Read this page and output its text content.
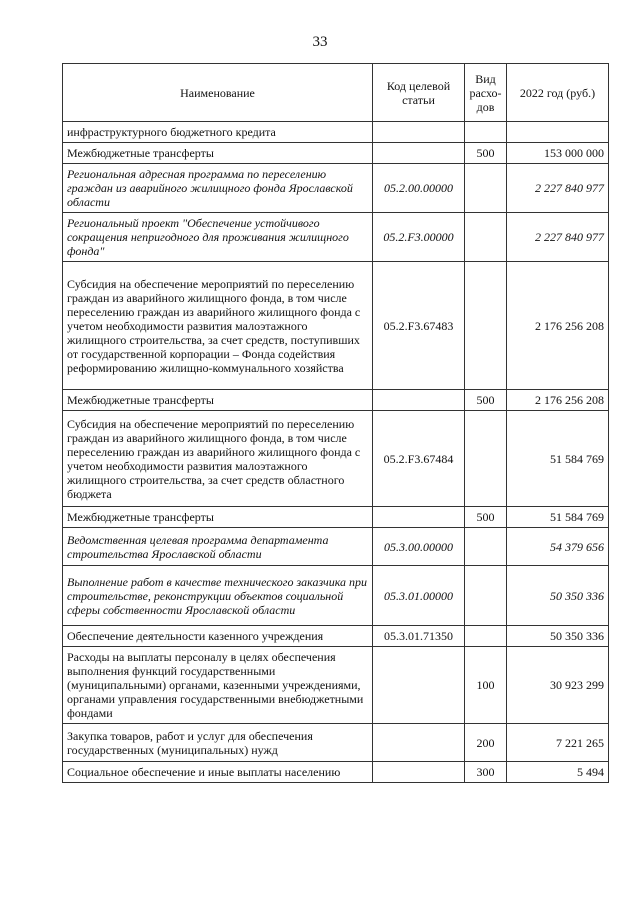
33
Наименование	Код целевой статьи	Вид расхо-дов	2022 год (руб.)
инфраструктурного бюджетного кредита			
Межбюджетные трансферты		500	153 000 000
Региональная адресная программа по переселению граждан из аварийного жилищного фонда Ярославской области	05.2.00.00000		2 227 840 977
Региональный проект "Обеспечение устойчивого сокращения непригодного для проживания жилищного фонда"	05.2.F3.00000		2 227 840 977
Субсидия на обеспечение мероприятий по переселению граждан из аварийного жилищного фонда, в том числе переселению граждан из аварийного жилищного фонда с учетом необходимости развития малоэтажного жилищного строительства, за счет средств, поступивших от государственной корпорации – Фонда содействия реформированию жилищно-коммунального хозяйства	05.2.F3.67483		2 176 256 208
Межбюджетные трансферты		500	2 176 256 208
Субсидия на обеспечение мероприятий по переселению граждан из аварийного жилищного фонда, в том числе переселению граждан из аварийного жилищного фонда с учетом необходимости развития малоэтажного жилищного строительства, за счет средств областного бюджета	05.2.F3.67484		51 584 769
Межбюджетные трансферты		500	51 584 769
Ведомственная целевая программа департамента строительства Ярославской области	05.3.00.00000		54 379 656
Выполнение работ в качестве технического заказчика при строительстве, реконструкции объектов социальной сферы собственности Ярославской области	05.3.01.00000		50 350 336
Обеспечение деятельности казенного учреждения	05.3.01.71350		50 350 336
Расходы на выплаты персоналу в целях обеспечения выполнения функций государственными (муниципальными) органами, казенными учреждениями, органами управления государственными внебюджетными фондами		100	30 923 299
Закупка товаров, работ и услуг для обеспечения государственных (муниципальных) нужд		200	7 221 265
Социальное обеспечение и иные выплаты населению		300	5 494
